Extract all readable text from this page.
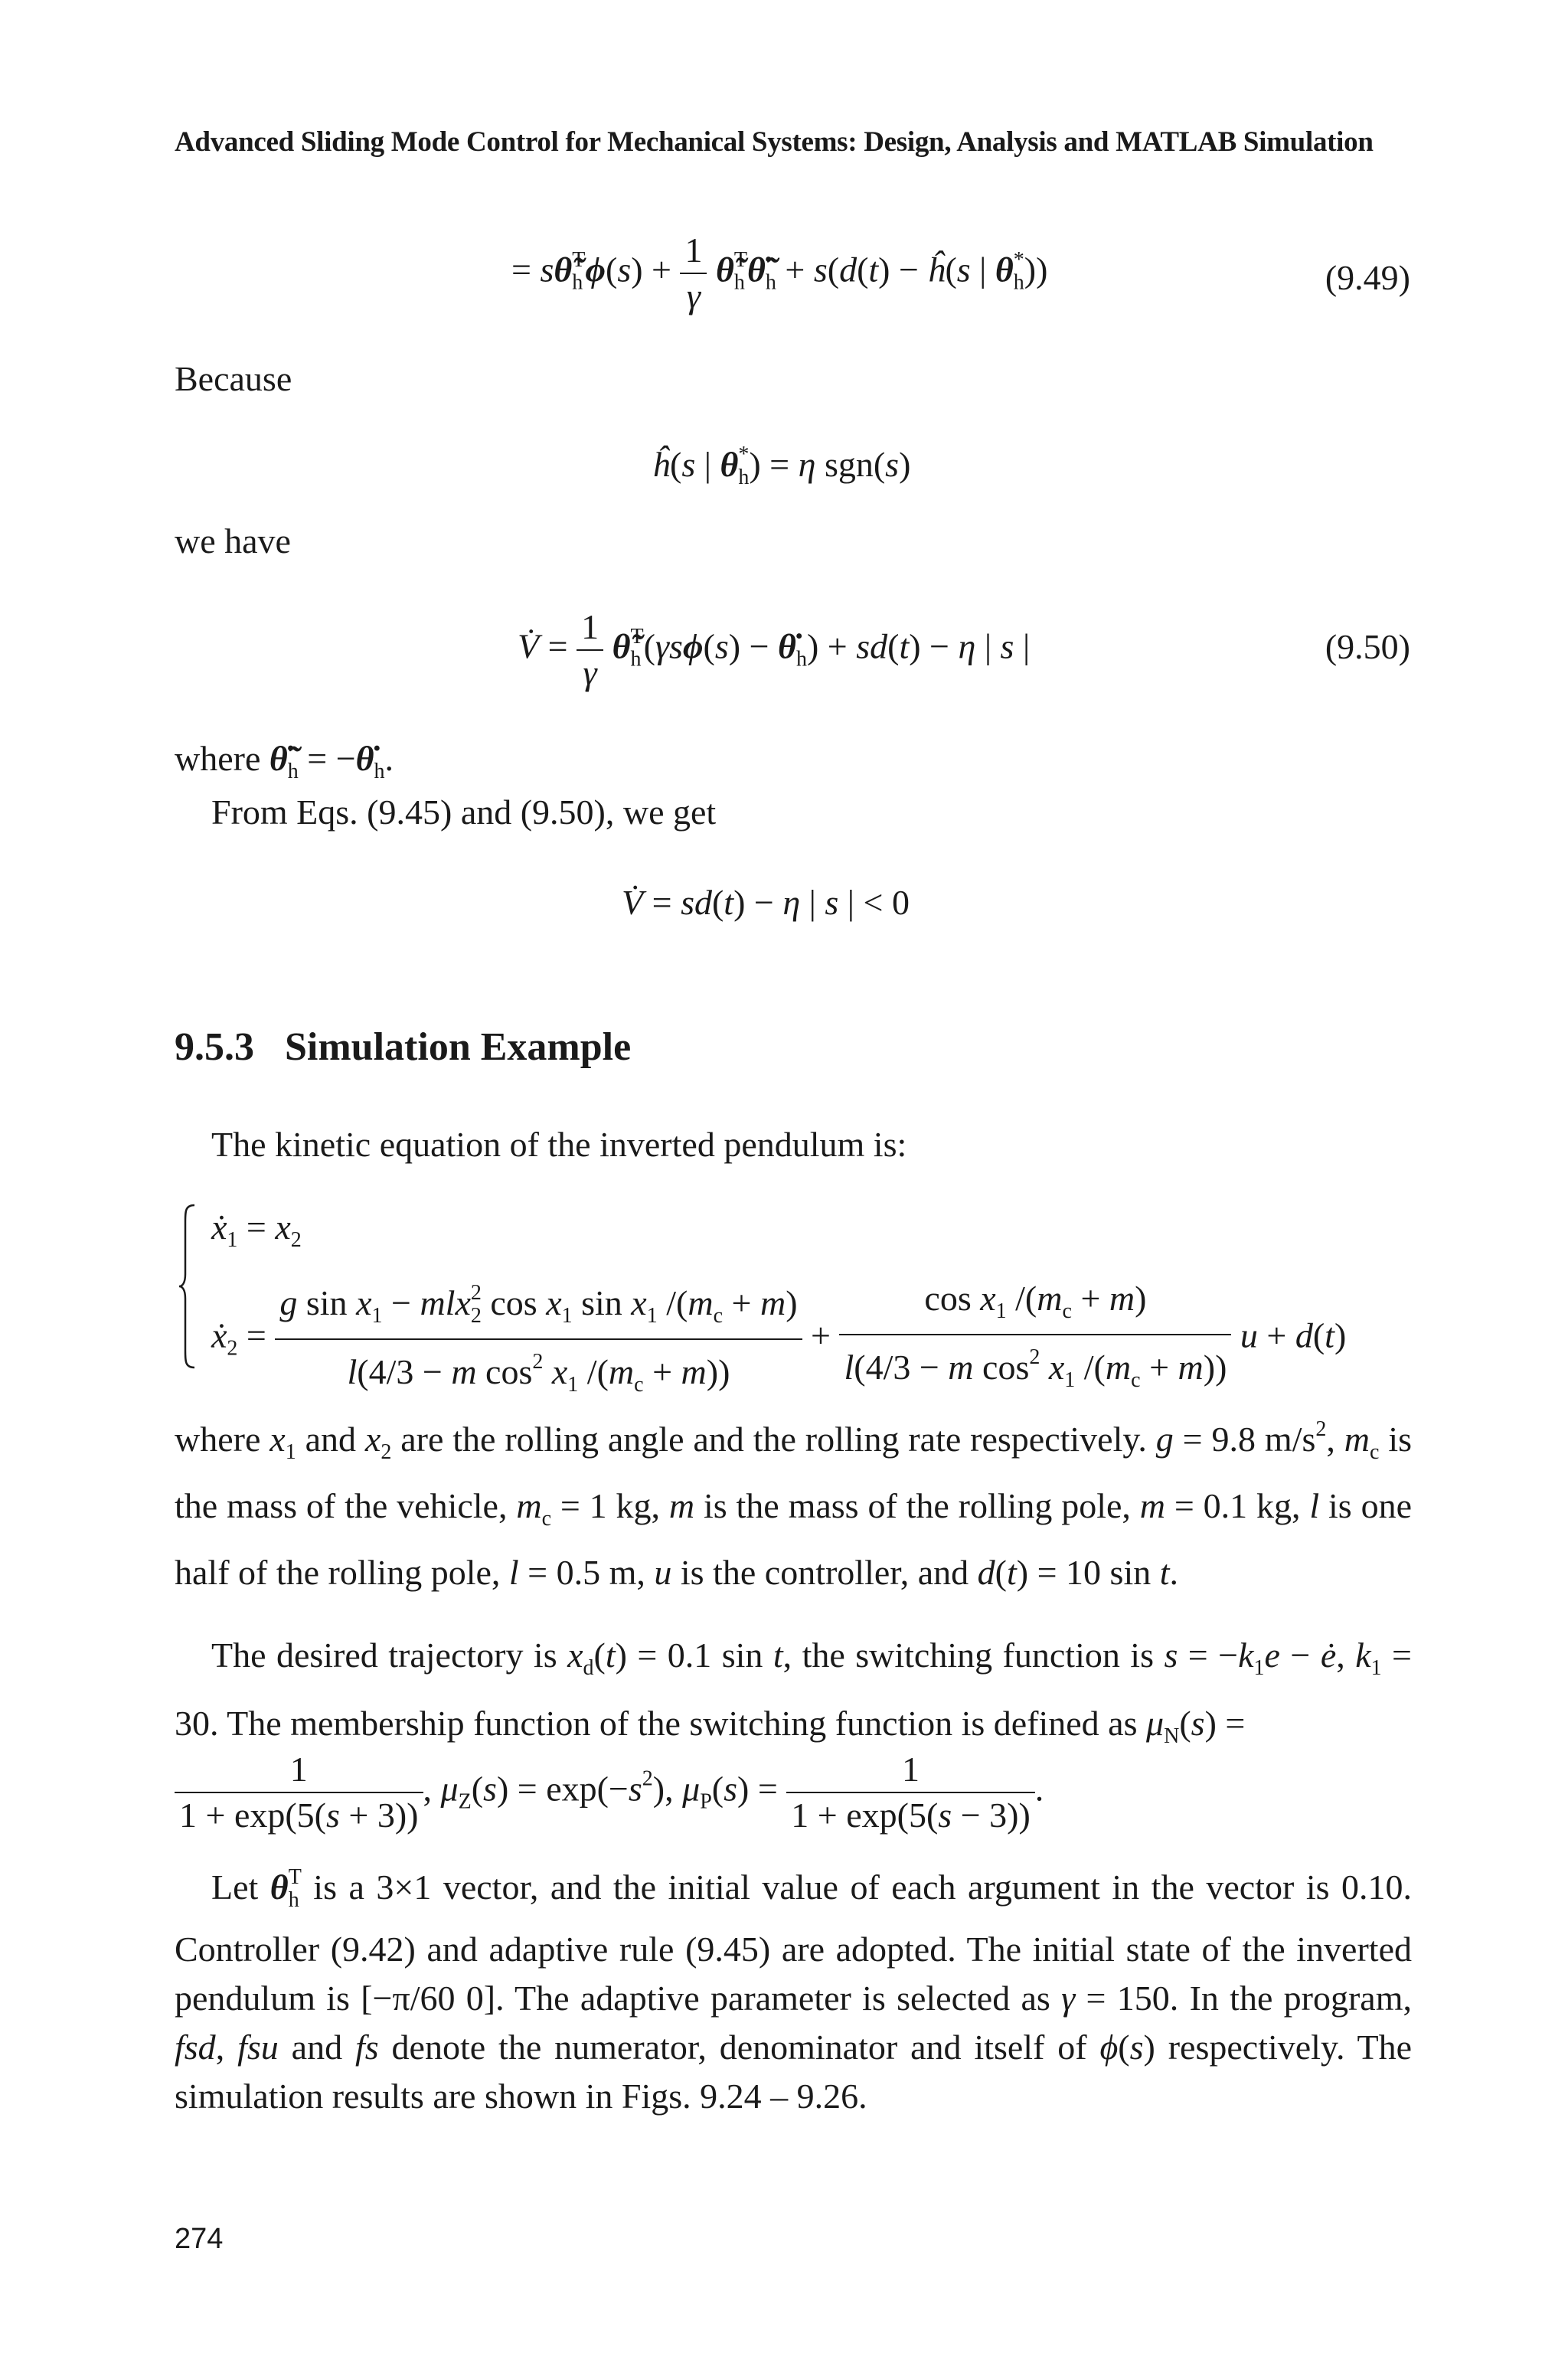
Advanced Sliding Mode Control for Mechanical Systems: Design, Analysis and MATLAB Simulation
= $s\thetã_h^T\phi(s) + \frac{1}{\gamma}$ $\thetã_h^T\thetã̇_h + s(d(t)$ − ĥ(s | $\theta_h^*$))	(9.49)
Because
ĥ(s | $\theta_h^*) = \eta$ sgn(s)
we have
V̇ = $\frac{1}{\gamma}$ $\thetã_h^T(\gamma s\phi(s)$ − $\thetȧ_h) + sd(t) - \eta$ | s |	(9.50)
where $\thetã̇_h$ = $-\thetȧ_h$.
From Eqs. (9.45) and (9.50), we get
V̇ = sd(t) − η | s | < 0
9.5.3 Simulation Example
The kinetic equation of the inverted pendulum is:
ẋ$_1$ = $x_2$
ẋ$_2$ = $\frac{g \sin x_1 - mlx_2^2 \cos x_1 \sin x_1 /(m_c + m)}{l(4/3 - m \cos^2 x_1 /(m_c + m))} + \frac{\cos x_1 /(m_c + m)}{l(4/3 - m \cos^2 x_1 /(m_c + m))}$ u + d(t)
where $x_1$ and $x_2$ are the rolling angle and the rolling rate respectively. g = 9.8 $m/s^2$, $m_c$ is the mass of the vehicle, $m_c = 1$ kg, m is the mass of the rolling pole, m = 0.1 kg, l is one half of the rolling pole, l = 0.5 m, u is the controller, and d(t) = 10 sin t.
The desired trajectory is $x_d(t) = 0.1$ sin t, the switching function is $s = -k_1e$ − ė, $k_1 = 30$. The membership function of the switching function is defined as $\mu_N(s)$ =
$\frac{1}{1 + \exp(5(s + 3))}$ , $\mu_Z(s) = \exp(-s^2)$, $\mu_P(s) = \frac{1}{1 + \exp(5(s - 3))}$ .
Let $\theta_h^T$ is a 3×1 vector, and the initial value of each argument in the vector is 0.10. Controller (9.42) and adaptive rule (9.45) are adopted. The initial state of the inverted pendulum is [−π/60 0]. The adaptive parameter is selected as γ = 150. In the program, fsd, fsu and fs denote the numerator, denominator and itself of ϕ(s) respectively. The simulation results are shown in Figs. 9.24 – 9.26.
274
